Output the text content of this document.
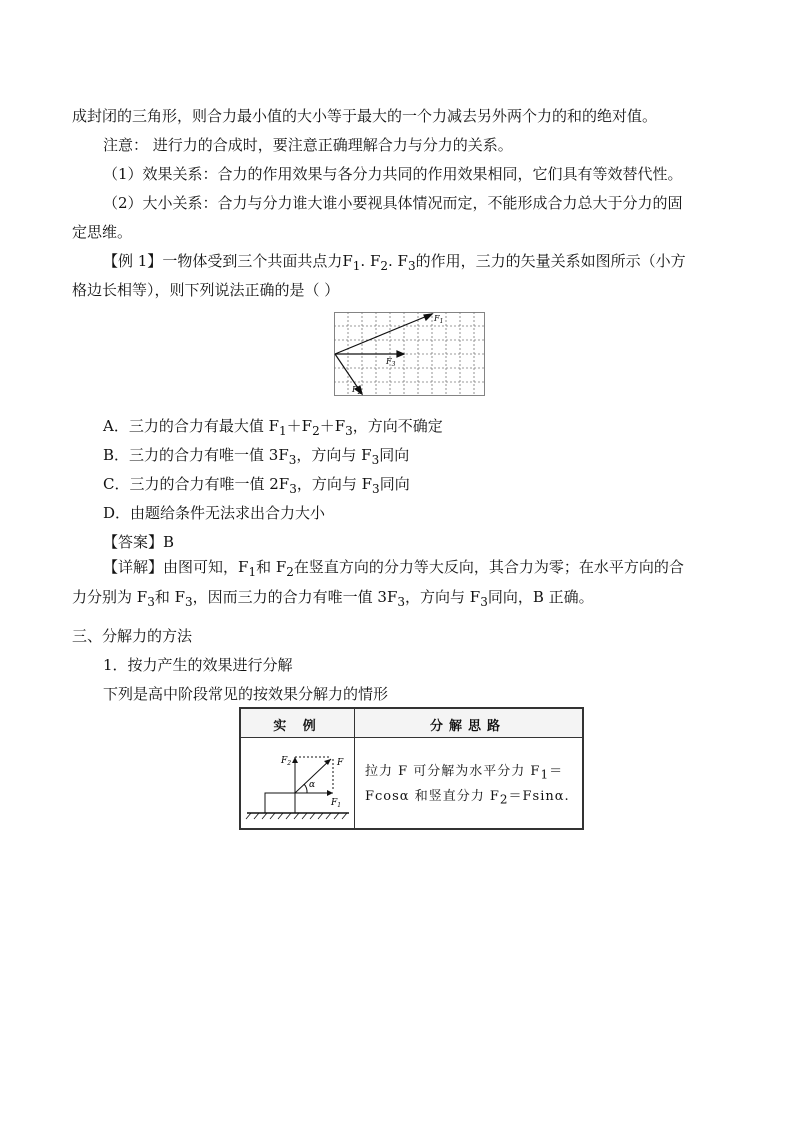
成封闭的三角形，则合力最小值的大小等于最大的一个力减去另外两个力的和的绝对值。
注意： 进行力的合成时，要注意正确理解合力与分力的关系。
（1）效果关系：合力的作用效果与各分力共同的作用效果相同，它们具有等效替代性。
（2）大小关系：合力与分力谁大谁小要视具体情况而定，不能形成合力总大于分力的固
定思维。
【例 1】一物体受到三个共面共点力$F_1$. $F_2$. $F_3$的作用，三力的矢量关系如图所示（小方
格边长相等），则下列说法正确的是（ ）
$F_1$
$F_3$
$F_2$
A．三力的合力有最大值 $F_1+F_2+F_3$，方向不确定
B．三力的合力有唯一值 $3F_3$，方向与 $F_3$同向
C．三力的合力有唯一值 $2F_3$，方向与 $F_3$同向
D．由题给条件无法求出合力大小
【答案】B
【详解】由图可知，$F_1$和 $F_2$在竖直方向的分力等大反向，其合力为零；在水平方向的合
力分别为 $F_3$和 $F_3$，因而三力的合力有唯一值 $3F_3$，方向与 $F_3$同向，B 正确。
三、分解力的方法
1．按力产生的效果进行分解
下列是高中阶段常见的按效果分解力的情形
实 例	分解思路
F
$F_2$
$F_1$
α
拉力 F 可分解为水平分力 $F_1=$
Fcosα 和竖直分力 $F_2=Fsin\alpha$.
